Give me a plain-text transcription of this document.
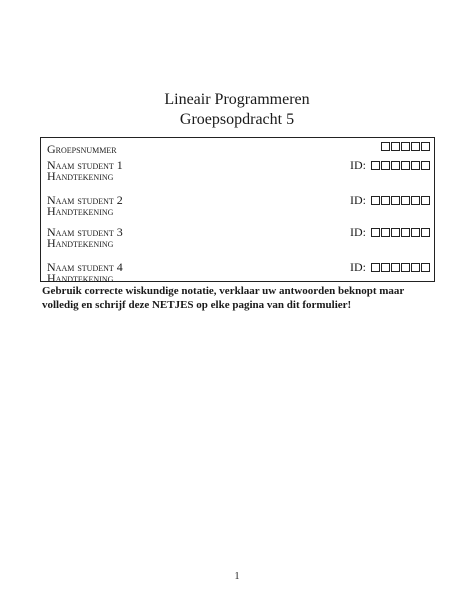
Lineair Programmeren
Groepsopdracht 5
Groepsnummer
Naam student 1	ID:
Handtekening
Naam student 2	ID:
Handtekening
Naam student 3	ID:
Handtekening
Naam student 4	ID:
Handtekening
Gebruik correcte wiskundige notatie, verklaar uw antwoorden beknopt maar volledig en schrijf deze NETJES op elke pagina van dit formulier!
1
